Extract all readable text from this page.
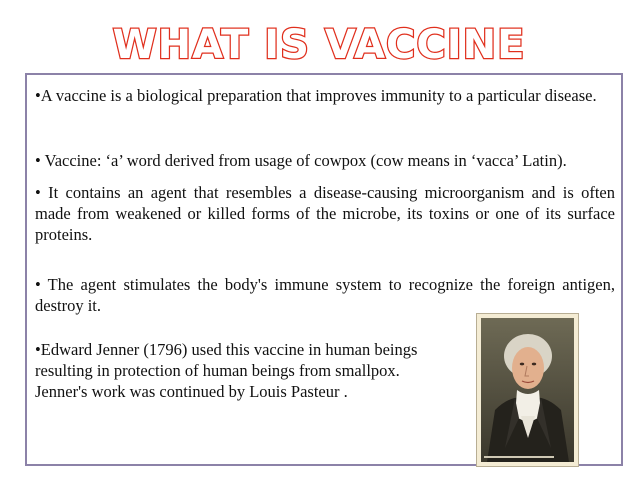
WHAT IS VACCINE
•A vaccine is a biological preparation that improves immunity to a particular disease.
• Vaccine: ‘a’ word derived from usage of cowpox (cow means in ‘vacca’ Latin).
• It contains an agent that resembles a disease-causing microorganism and is often made from weakened or killed forms of the microbe, its toxins or one of its surface proteins.
• The agent stimulates the body's immune system to recognize the foreign antigen, destroy it.
•Edward Jenner (1796) used this vaccine in human beings
resulting in protection of human beings from smallpox.
Jenner's work was continued by Louis Pasteur .
